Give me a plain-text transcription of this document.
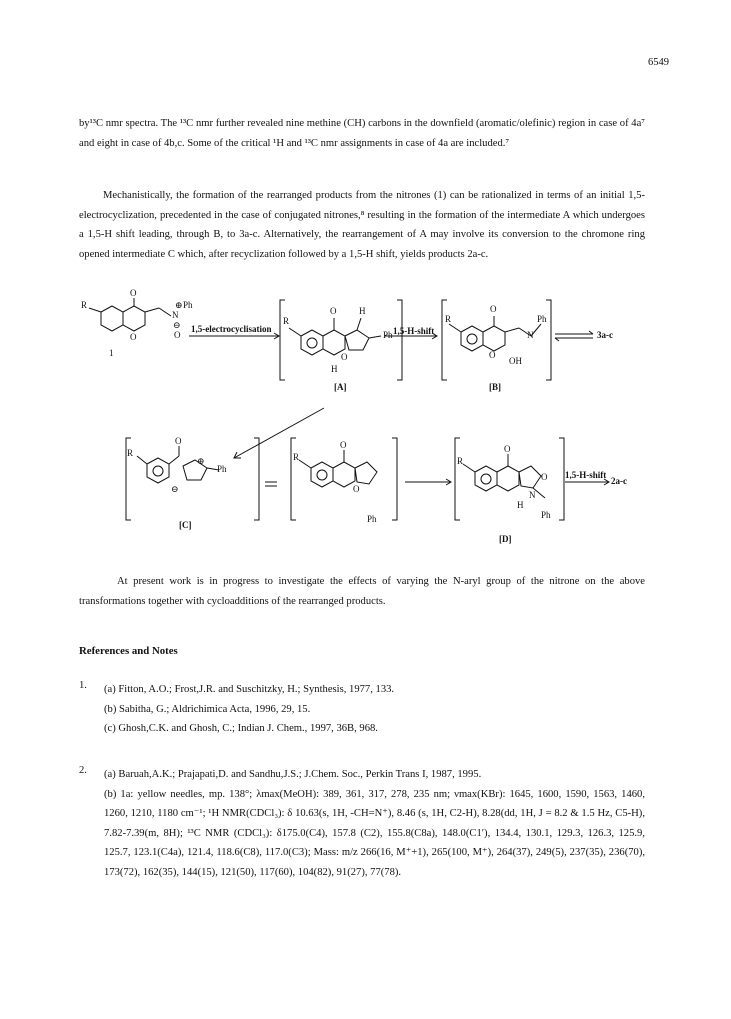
6549
by¹³C nmr spectra. The ¹³C nmr further revealed nine methine (CH) carbons in the downfield (aromatic/olefinic) region in case of 4a⁷ and eight in case of 4b,c. Some of the critical ¹H and ¹³C nmr assignments in case of 4a are included.⁷
Mechanistically, the formation of the rearranged products from the nitrones (1) can be rationalized in terms of an initial 1,5-electrocyclization, precedented in the case of conjugated nitrones,⁸ resulting in the formation of the intermediate A which undergoes a 1,5-H shift leading, through B, to 3a-c. Alternatively, the rearrangement of A may involve its conversion to the chromone ring opened intermediate C which, after recyclization followed by a 1,5-H shift, yields products 2a-c.
R
O
O
N
Ph
⊕
⊖
O
1
1,5-electrocyclisation
R
O	H
Ph
O
H
[A]
1,5-H-shift
R
O
N
Ph
O
OH
[B]
3a-c
R
O
Ph
⊕
⊖
[C]
R
O
Ph
O
R
O
O
N
H
Ph
[D]
1,5-H-shift
2a-c
At present work is in progress to investigate the effects of varying the N-aryl group of the nitrone on the above transformations together with cycloadditions of the rearranged products.
References and Notes
1. (a) Fitton, A.O.; Frost,J.R. and Suschitzky, H.; Synthesis, 1977, 133.
(b) Sabitha, G.; Aldrichimica Acta, 1996, 29, 15.
(c) Ghosh,C.K. and Ghosh, C.; Indian J. Chem., 1997, 36B, 968.
2. (a) Baruah,A.K.; Prajapati,D. and Sandhu,J.S.; J.Chem. Soc., Perkin Trans I, 1987, 1995.
(b) 1a: yellow needles, mp. 138°; λmax(MeOH): 389, 361, 317, 278, 235 nm; νmax(KBr): 1645, 1600, 1590, 1563, 1460, 1260, 1210, 1180 cm⁻¹; ¹H NMR(CDCl₃): δ 10.63(s, 1H, -CH=N⁺), 8.46 (s, 1H, C2-H), 8.28(dd, 1H, J = 8.2 & 1.5 Hz, C5-H), 7.82-7.39(m, 8H); ¹³C NMR (CDCl₃): δ175.0(C4), 157.8 (C2), 155.8(C8a), 148.0(C1′), 134.4, 130.1, 129.3, 126.3, 125.9, 125.7, 123.1(C4a), 121.4, 118.6(C8), 117.0(C3); Mass: m/z 266(16, M⁺+1), 265(100, M⁺), 264(37), 249(5), 237(35), 236(70), 173(72), 162(35), 144(15), 121(50), 117(60), 104(82), 91(27), 77(78).
